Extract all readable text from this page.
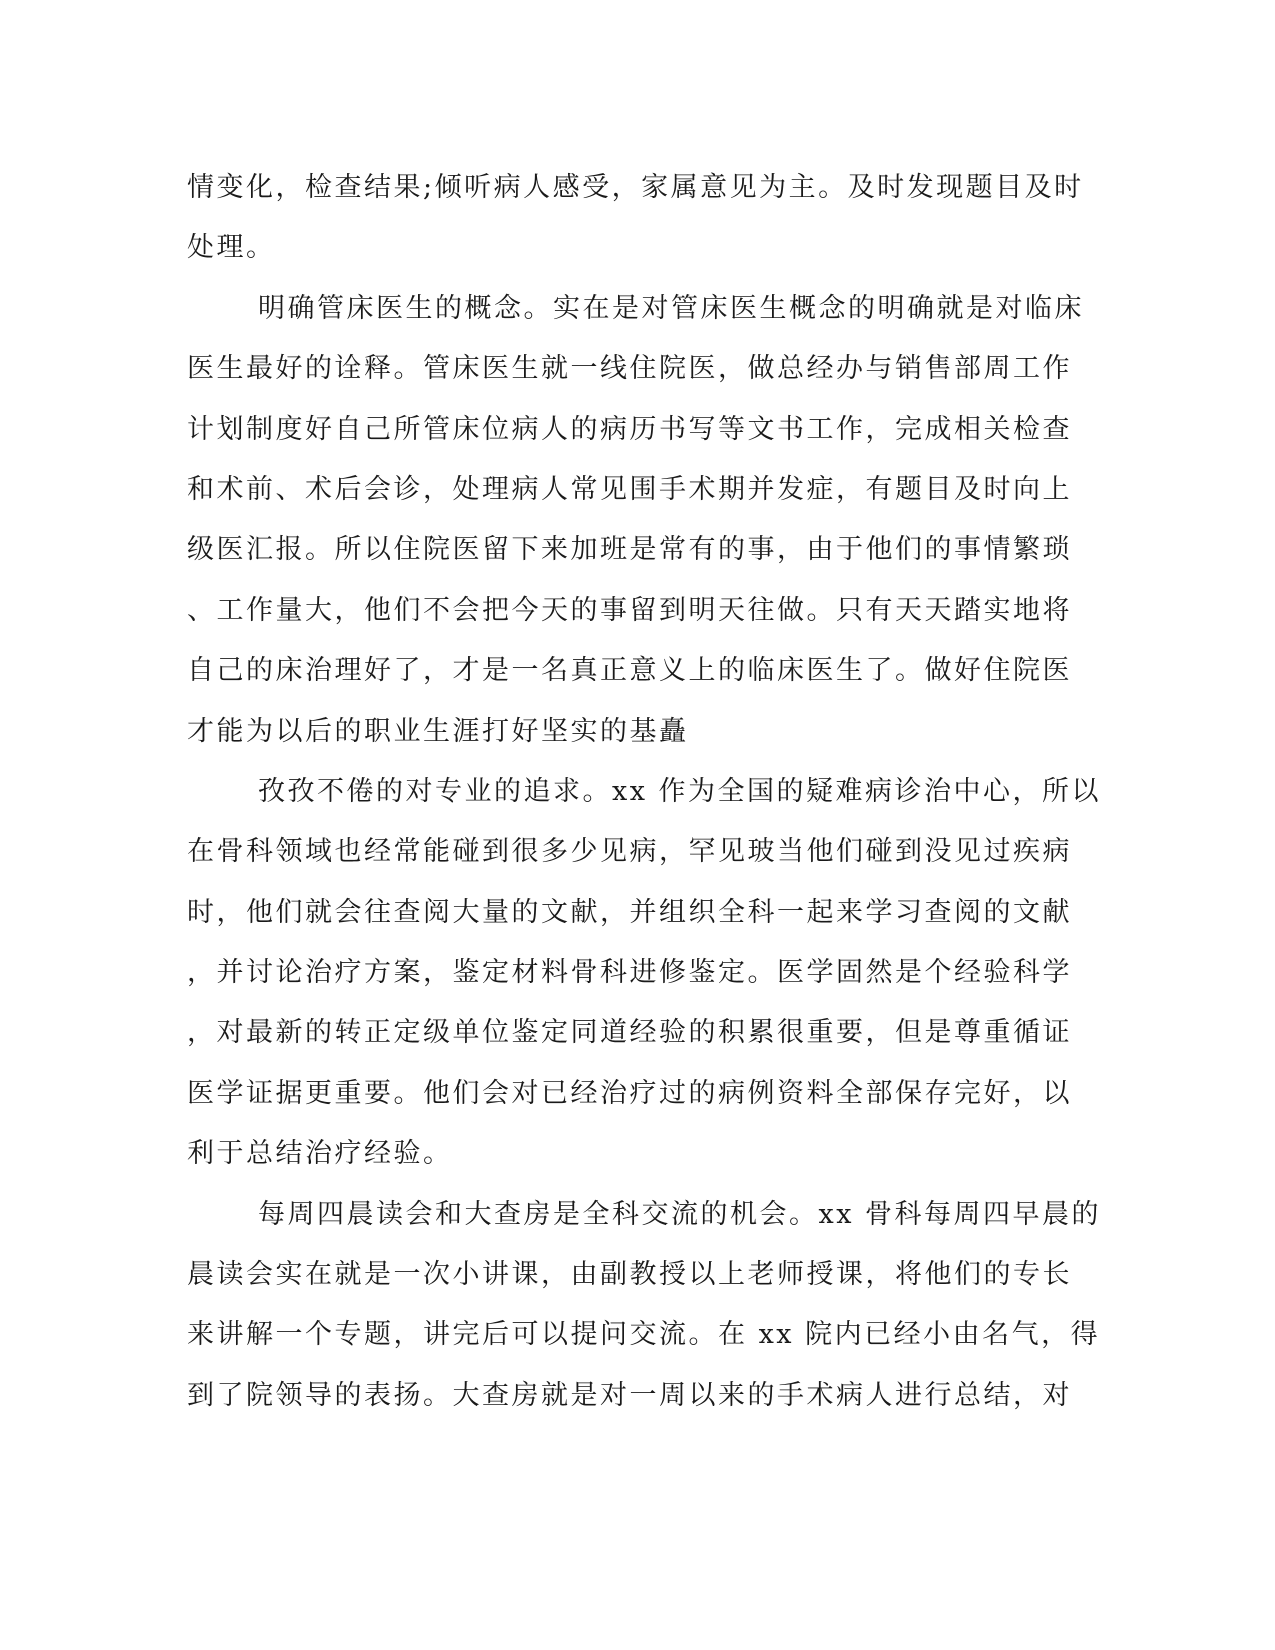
情变化，检查结果;倾听病人感受，家属意见为主。及时发现题目及时
处理。
明确管床医生的概念。实在是对管床医生概念的明确就是对临床
医生最好的诠释。管床医生就一线住院医，做总经办与销售部周工作
计划制度好自己所管床位病人的病历书写等文书工作，完成相关检查
和术前、术后会诊，处理病人常见围手术期并发症，有题目及时向上
级医汇报。所以住院医留下来加班是常有的事，由于他们的事情繁琐
、工作量大，他们不会把今天的事留到明天往做。只有天天踏实地将
自己的床治理好了，才是一名真正意义上的临床医生了。做好住院医
才能为以后的职业生涯打好坚实的基矗
孜孜不倦的对专业的追求。xx 作为全国的疑难病诊治中心，所以
在骨科领域也经常能碰到很多少见病，罕见玻当他们碰到没见过疾病
时，他们就会往查阅大量的文献，并组织全科一起来学习查阅的文献
，并讨论治疗方案，鉴定材料骨科进修鉴定。医学固然是个经验科学
，对最新的转正定级单位鉴定同道经验的积累很重要，但是尊重循证
医学证据更重要。他们会对已经治疗过的病例资料全部保存完好，以
利于总结治疗经验。
每周四晨读会和大查房是全科交流的机会。xx 骨科每周四早晨的
晨读会实在就是一次小讲课，由副教授以上老师授课，将他们的专长
来讲解一个专题，讲完后可以提问交流。在 xx 院内已经小由名气，得
到了院领导的表扬。大查房就是对一周以来的手术病人进行总结，对
